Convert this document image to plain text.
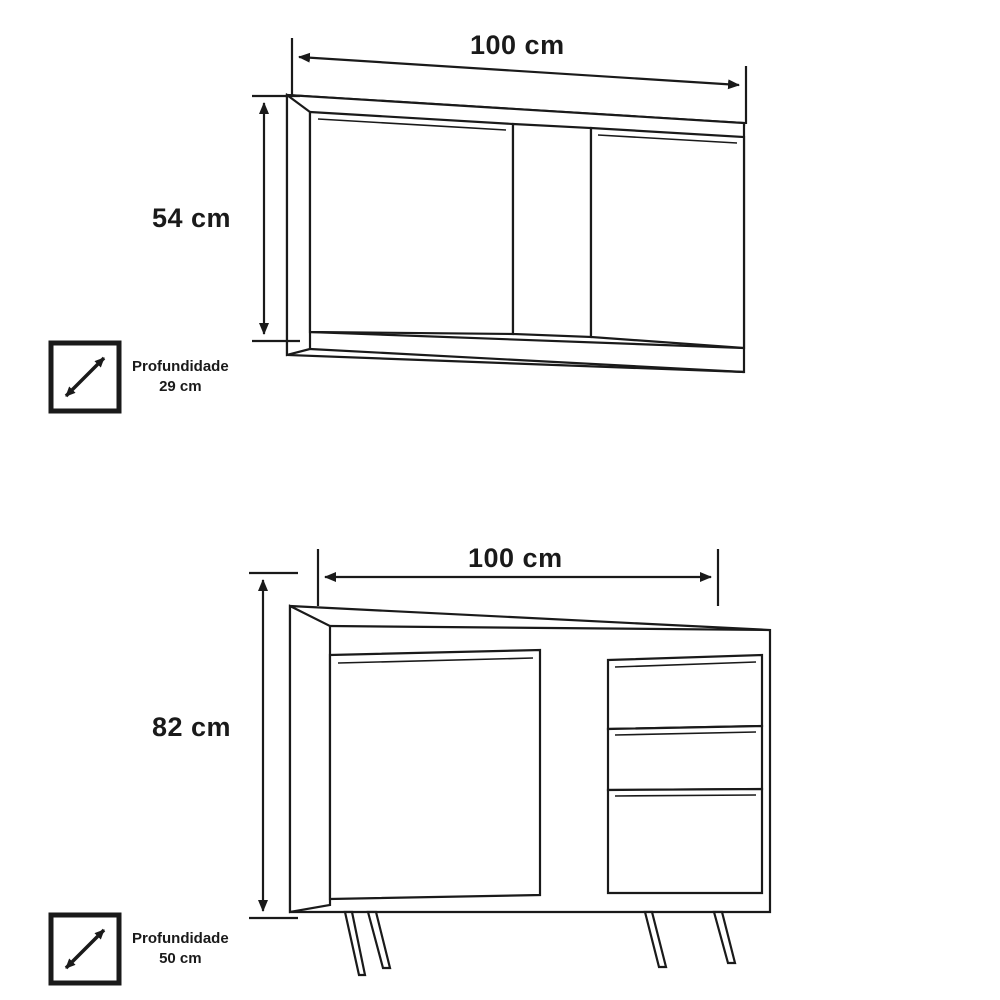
100 cm
54 cm
Profundidade
29 cm
100 cm
82 cm
Profundidade
50 cm
